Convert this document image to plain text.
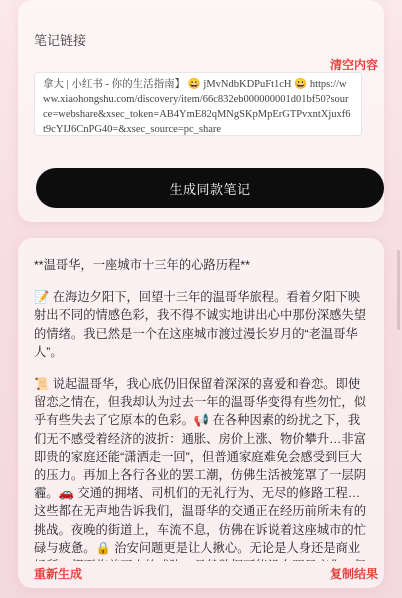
笔记链接
清空内容
拿大 | 小红书 - 你的生活指南】 😀 jMvNdbKDPuFt1cH 😀 https://www.xiaohongshu.com/discovery/item/66c832eb000000001d01bf50?source=webshare&xsec_token=AB4YmE82qMNgSKpMpErGTPvxntXjuxf6t9cYIJ6CnPG40=&xsec_source=pc_share
生成同款笔记

**温哥华，一座城市十三年的心路历程**

📝 在海边夕阳下，回望十三年的温哥华旅程。看着夕阳下映射出不同的情感色彩，我不得不诚实地讲出心中那份深感失望的情绪。我已然是一个在这座城市渡过漫长岁月的“老温哥华人”。

📜 说起温哥华，我心底仍旧保留着深深的喜爱和眷恋。即使留恋之情在，但我却认为过去一年的温哥华变得有些勿忙，似乎有些失去了它原本的色彩。📢 在各种因素的纷扰之下，我们无不感受着经济的波折：通胀、房价上涨、物价攀升…非富即贵的家庭还能“潇洒走一回”，但普通家庭难免会感受到巨大的压力。再加上各行各业的罢工潮，仿佛生活被笼罩了一层阴霾。🚗 交通的拥堵、司机们的无礼行为、无尽的修路工程…这些都在无声地告诉我们，温哥华的交通正在经历前所未有的挑战。夜晚的街道上，车流不息，仿佛在诉说着这座城市的忙碌与疲惫。🔒 治安问题更是让人揪心。无论是人身还是商业

重新生成	复制结果
